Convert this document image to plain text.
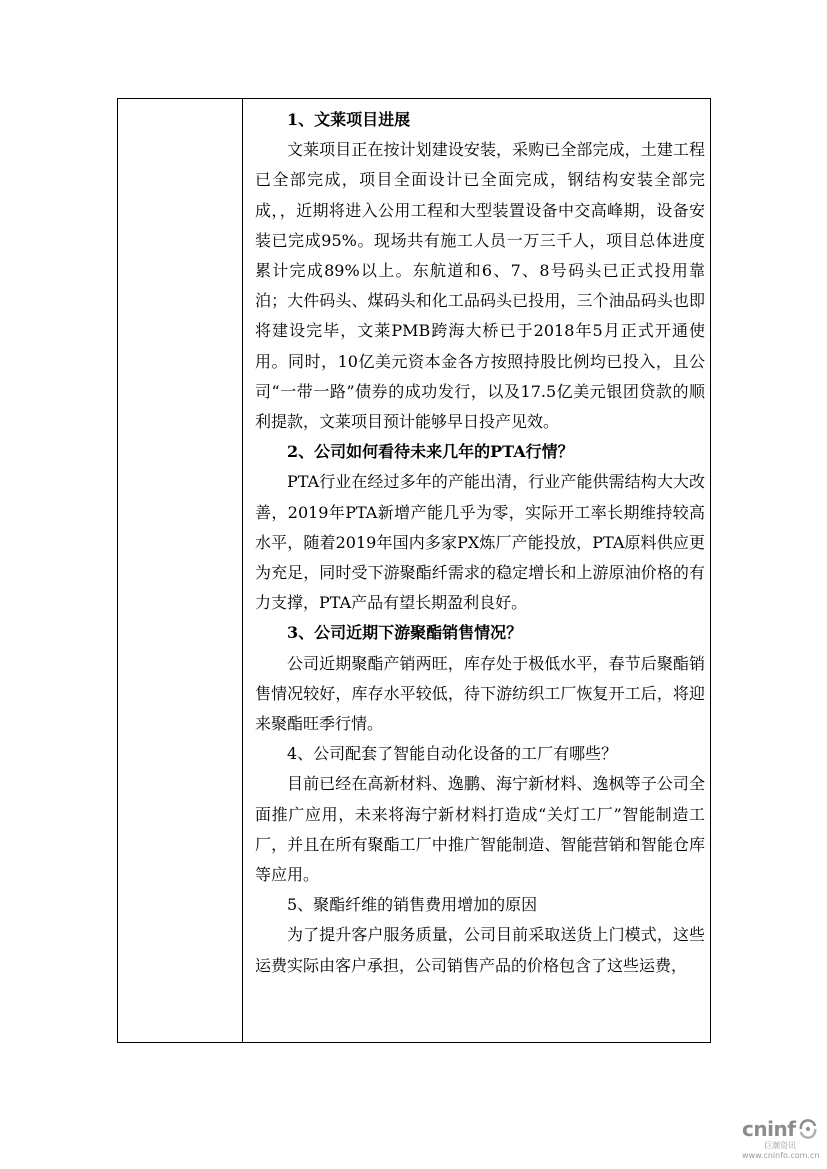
1、文莱项目进展

文莱项目正在按计划建设安装，采购已全部完成，土建工程已全部完成，项目全面设计已全面完成，钢结构安装全部完成，，近期将进入公用工程和大型装置设备中交高峰期，设备安装已完成95%。现场共有施工人员一万三千人，项目总体进度累计完成89%以上。东航道和6、7、8号码头已正式投用靠泊；大件码头、煤码头和化工品码头已投用，三个油品码头也即将建设完毕，文莱PMB跨海大桥已于2018年5月正式开通使用。同时，10亿美元资本金各方按照持股比例均已投入，且公司“一带一路”债券的成功发行，以及17.5亿美元银团贷款的顺利提款，文莱项目预计能够早日投产见效。

2、公司如何看待未来几年的PTA行情？

PTA行业在经过多年的产能出清，行业产能供需结构大大改善，2019年PTA新增产能几乎为零，实际开工率长期维持较高水平，随着2019年国内多家PX炼厂产能投放，PTA原料供应更为充足，同时受下游聚酯纤需求的稳定增长和上游原油价格的有力支撑，PTA产品有望长期盈利良好。

3、公司近期下游聚酯销售情况？

公司近期聚酯产销两旺，库存处于极低水平，春节后聚酯销售情况较好，库存水平较低，待下游纺织工厂恢复开工后，将迎来聚酯旺季行情。

4、公司配套了智能自动化设备的工厂有哪些？

目前已经在高新材料、逸鹏、海宁新材料、逸枫等子公司全面推广应用，未来将海宁新材料打造成“关灯工厂”智能制造工厂，并且在所有聚酯工厂中推广智能制造、智能营销和智能仓库等应用。

5、聚酯纤维的销售费用增加的原因

为了提升客户服务质量，公司目前采取送货上门模式，这些运费实际由客户承担，公司销售产品的价格包含了这些运费，

cninf
巨潮资讯
www.cninfo.com.cn
